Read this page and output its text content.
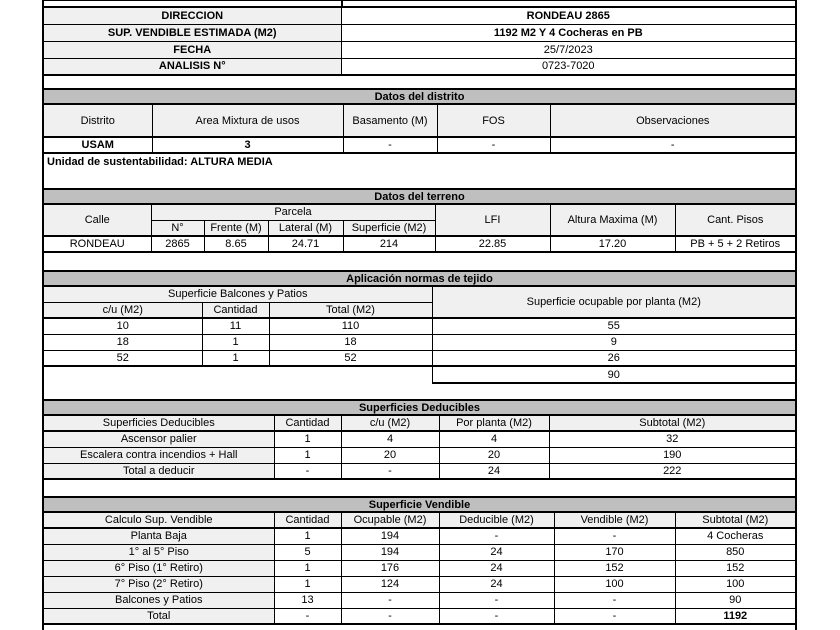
DIRECCION	RONDEAU 2865
SUP. VENDIBLE ESTIMADA (M2)	1192 M2 Y 4 Cocheras en PB
FECHA	25/7/2023
ANALISIS N°	0723-7020
Datos del distrito				
Distrito	Area Mixtura de usos	Basamento (M)	FOS	Observaciones
USAM	3	-	-	-
Unidad de sustentabilidad: ALTURA MEDIA
Datos del terreno							
Calle	Parcela				LFI	Altura Maxima (M)	Cant. Pisos
	N°	Frente (M)	Lateral (M)	Superficie (M2)			
RONDEAU	2865	8.65	24.71	214	22.85	17.20	PB + 5 + 2 Retiros
Aplicación normas de tejido			
Superficie Balcones y Patios			Superficie ocupable por planta (M2)
c/u (M2)	Cantidad	Total (M2)	
10	11	110	55
18	1	18	9
52	1	52	26
			90
Superficies Deducibles				
Superficies Deducibles	Cantidad	c/u (M2)	Por planta (M2)	Subtotal (M2)
Ascensor palier	1	4	4	32
Escalera contra incendios + Hall	1	20	20	190
Total a deducir	-	-	24	222
Superficie Vendible					
Calculo Sup. Vendible	Cantidad	Ocupable (M2)	Deducible (M2)	Vendible (M2)	Subtotal (M2)
Planta Baja	1	194	-	-	4 Cocheras
1° al 5° Piso	5	194	24	170	850
6° Piso (1° Retiro)	1	176	24	152	152
7° Piso (2° Retiro)	1	124	24	100	100
Balcones y Patios	13	-	-	-	90
Total	-	-	-	-	1192
